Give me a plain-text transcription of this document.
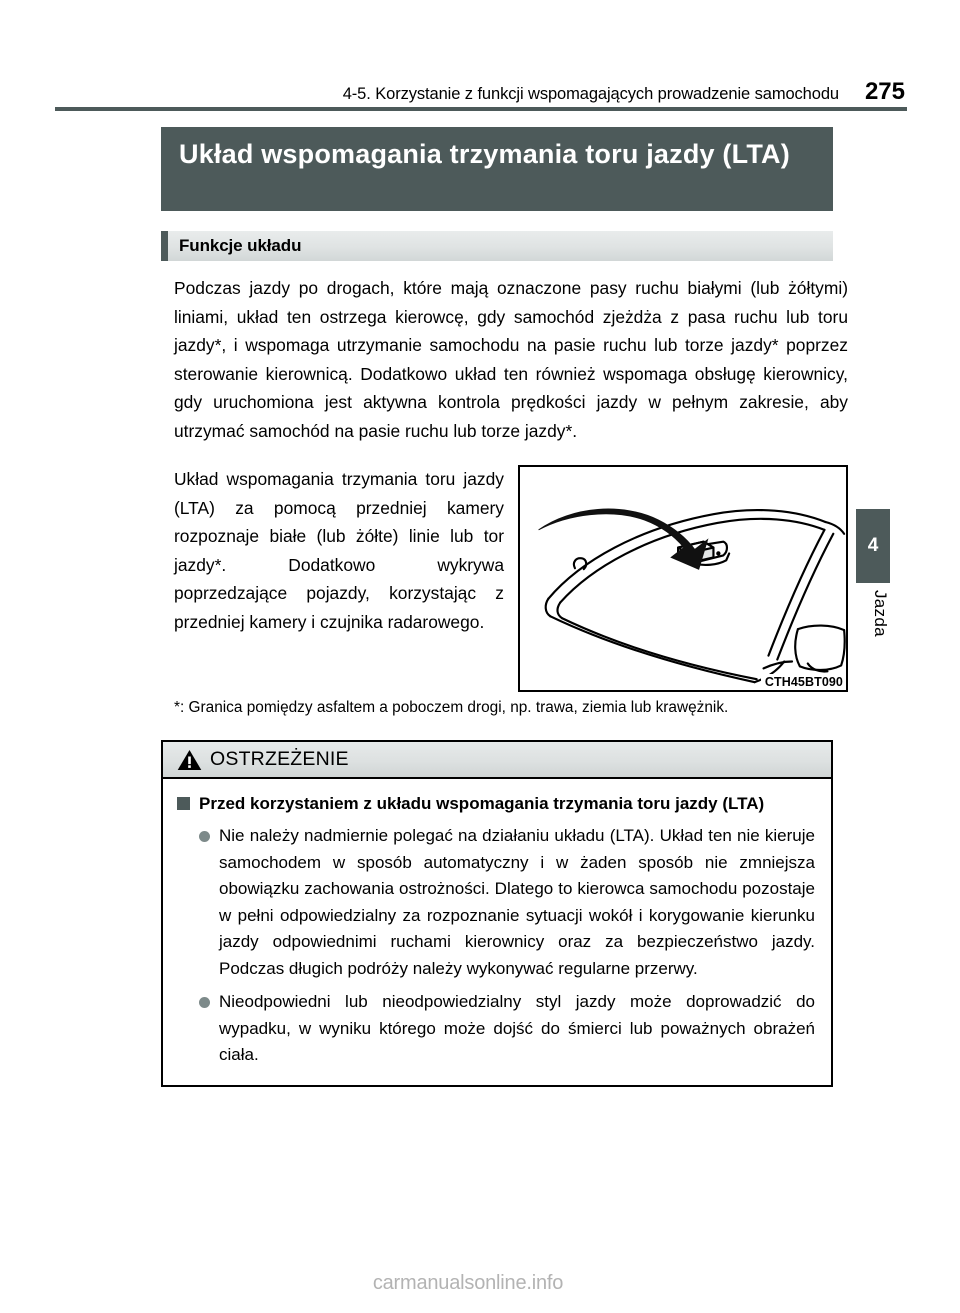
4-5. Korzystanie z funkcji wspomagających prowadzenie samochodu	275
Układ wspomagania trzymania toru jazdy (LTA)
Funkcje układu
Podczas jazdy po drogach, które mają oznaczone pasy ruchu białymi (lub żółtymi) liniami, układ ten ostrzega kierowcę, gdy samochód zjeżdża z pasa ruchu lub toru jazdy*, i wspomaga utrzymanie samochodu na pasie ruchu lub torze jazdy* poprzez sterowanie kierownicą. Dodatkowo układ ten również wspomaga obsługę kierownicy, gdy uruchomiona jest aktywna kontrola prędkości jazdy w pełnym zakresie, aby utrzymać samochód na pasie ruchu lub torze jazdy*.
CTH45BT090
Układ wspomagania trzymania toru jazdy (LTA) za pomocą przedniej kamery rozpoznaje białe (lub żółte) linie lub tor jazdy*. Dodatkowo wykrywa poprzedzające pojazdy, korzystając z przedniej kamery i czujnika radarowego.
*: Granica pomiędzy asfaltem a poboczem drogi, np. trawa, ziemia lub krawężnik.
OSTRZEŻENIE
Przed korzystaniem z układu wspomagania trzymania toru jazdy (LTA)
Nie należy nadmiernie polegać na działaniu układu (LTA). Układ ten nie kieruje samochodem w sposób automatyczny i w żaden sposób nie zmniejsza obowiązku zachowania ostrożności. Dlatego to kierowca samochodu pozostaje w pełni odpowiedzialny za rozpoznanie sytuacji wokół i korygowanie kierunku jazdy odpowiednimi ruchami kierownicy oraz za bezpieczeństwo jazdy. Podczas długich podróży należy wykonywać regularne przerwy.
Nieodpowiedni lub nieodpowiedzialny styl jazdy może doprowadzić do wypadku, w wyniku którego może dojść do śmierci lub poważnych obrażeń ciała.
4
Jazda
carmanualsonline.info
